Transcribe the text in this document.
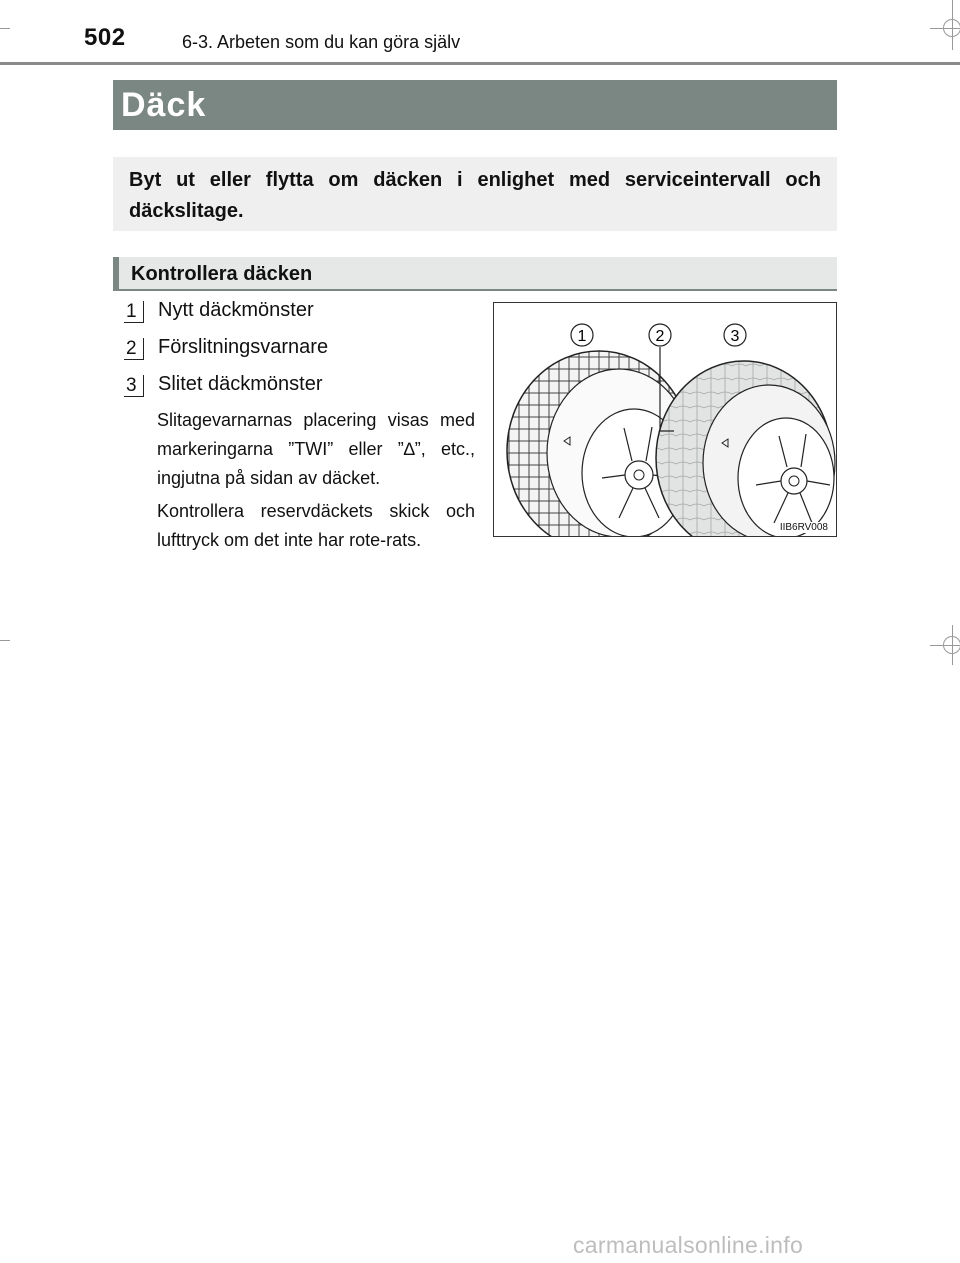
502	6-3. Arbeten som du kan göra själv
Däck
Byt ut eller flytta om däcken i enlighet med serviceintervall och däckslitage.
Kontrollera däcken
1	Nytt däckmönster
2	Förslitningsvarnare
3	Slitet däckmönster
Slitagevarnarnas placering visas med markeringarna ”TWI” eller ”∆”, etc., ingjutna på sidan av däcket.
Kontrollera reservdäckets skick och lufttryck om det inte har rote-rats.
1	2	3
IIB6RV008
carmanualsonline.info
